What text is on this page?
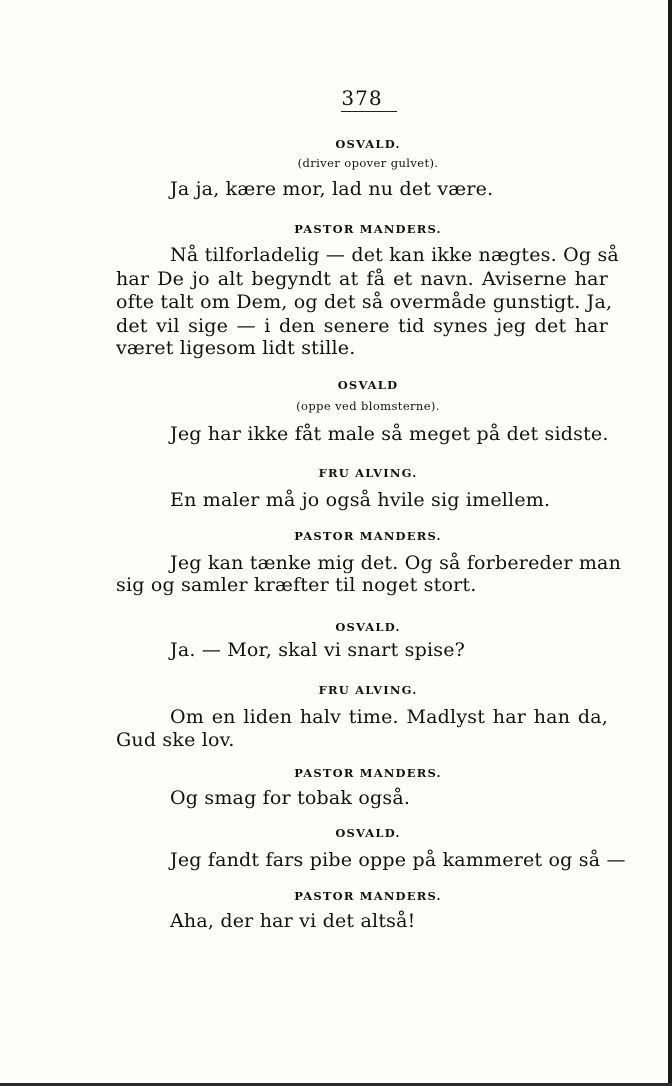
378
OSVALD.
(driver opover gulvet).
Ja ja, kære mor, lad nu det være.
PASTOR MANDERS.
Nå tilforladelig — det kan ikke nægtes. Og så
har De jo alt begyndt at få et navn. Aviserne har
ofte talt om Dem, og det så overmåde gunstigt. Ja,
det vil sige — i den senere tid synes jeg det har
været ligesom lidt stille.
OSVALD
(oppe ved blomsterne).
Jeg har ikke fåt male så meget på det sidste.
FRU ALVING.
En maler må jo også hvile sig imellem.
PASTOR MANDERS.
Jeg kan tænke mig det. Og så forbereder man
sig og samler kræfter til noget stort.
OSVALD.
Ja. — Mor, skal vi snart spise?
FRU ALVING.
Om en liden halv time. Madlyst har han da,
Gud ske lov.
PASTOR MANDERS.
Og smag for tobak også.
OSVALD.
Jeg fandt fars pibe oppe på kammeret og så —
PASTOR MANDERS.
Aha, der har vi det altså!
